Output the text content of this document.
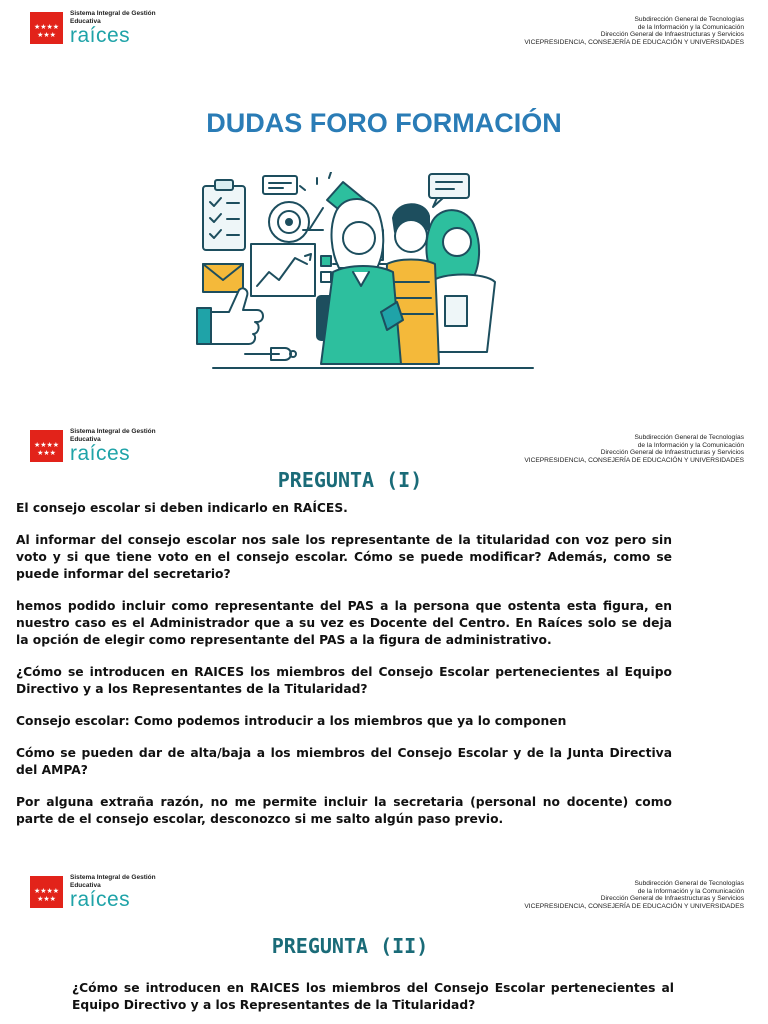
★★★★
★★★
Sistema Integral de Gestión Educativa
raíces
Subdirección General de Tecnologías
de la Información y la Comunicación
Dirección General de Infraestructuras y Servicios
VICEPRESIDENCIA, CONSEJERÍA DE EDUCACIÓN Y UNIVERSIDADES
DUDAS FORO FORMACIÓN
★★★★
★★★
Sistema Integral de Gestión Educativa
raíces
Subdirección General de Tecnologías
de la Información y la Comunicación
Dirección General de Infraestructuras y Servicios
VICEPRESIDENCIA, CONSEJERÍA DE EDUCACIÓN Y UNIVERSIDADES
PREGUNTA (I)

El consejo escolar si deben indicarlo en RAÍCES.

Al informar del consejo escolar nos sale los representante de la titularidad con voz pero sin voto y si que tiene voto en el consejo escolar. Cómo se puede modificar? Además, como se puede informar del secretario?

hemos podido incluir como representante del PAS a la persona que ostenta esta figura, en nuestro caso es el Administrador que a su vez es Docente del Centro. En Raíces solo se deja la opción de elegir como representante del PAS a la figura de administrativo.

¿Cómo se introducen en RAICES los miembros del Consejo Escolar pertenecientes al Equipo Directivo y a los Representantes de la Titularidad?

Consejo escolar: Como podemos introducir a los miembros que ya lo componen

Cómo se pueden dar de alta/baja a los miembros del Consejo Escolar y de la Junta Directiva del AMPA?

Por alguna extraña razón, no me permite incluir la secretaria (personal no docente) como parte de el consejo escolar, desconozco si me salto algún paso previo.

★★★★
★★★
Sistema Integral de Gestión Educativa
raíces
Subdirección General de Tecnologías
de la Información y la Comunicación
Dirección General de Infraestructuras y Servicios
VICEPRESIDENCIA, CONSEJERÍA DE EDUCACIÓN Y UNIVERSIDADES
PREGUNTA (II)

¿Cómo se introducen en RAICES los miembros del Consejo Escolar pertenecientes al Equipo Directivo y a los Representantes de la Titularidad?
